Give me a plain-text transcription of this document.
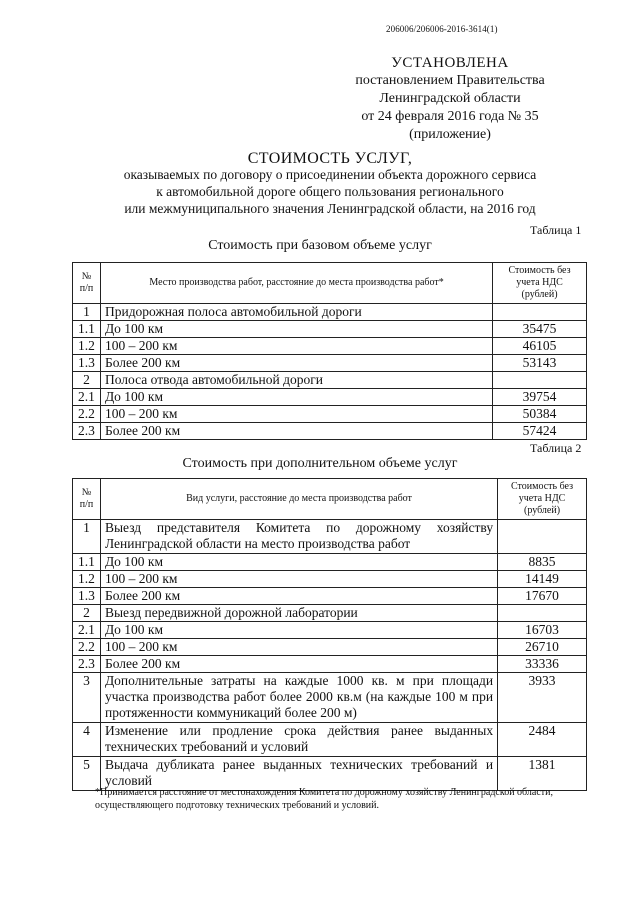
206006/206006-2016-3614(1)
УСТАНОВЛЕНА
постановлением Правительства
Ленинградской области
от 24 февраля 2016 года № 35
(приложение)
СТОИМОСТЬ УСЛУГ,
оказываемых по договору о присоединении объекта дорожного сервиса
к автомобильной дороге общего пользования регионального
или межмуниципального значения Ленинградской области, на 2016 год
Таблица 1
Стоимость при базовом объеме услуг
№ п/п	Место производства работ, расстояние до места производства работ*	Стоимость без учета НДС (рублей)
1	Придорожная полоса автомобильной дороги	
1.1	До 100 км	35475
1.2	100 – 200 км	46105
1.3	Более 200 км	53143
2	Полоса отвода автомобильной дороги	
2.1	До 100 км	39754
2.2	100 – 200 км	50384
2.3	Более 200 км	57424
Таблица 2
Стоимость при дополнительном объеме услуг
№ п/п	Вид услуги, расстояние до места производства работ	Стоимость без учета НДС (рублей)
1	Выезд представителя Комитета по дорожному хозяйству Ленинградской области на место производства работ	
1.1	До 100 км	8835
1.2	100 – 200 км	14149
1.3	Более 200 км	17670
2	Выезд передвижной дорожной лаборатории	
2.1	До 100 км	16703
2.2	100 – 200 км	26710
2.3	Более 200 км	33336
3	Дополнительные затраты на каждые 1000 кв. м при площади участка производства работ более 2000 кв.м (на каждые 100 м при протяженности коммуникаций более 200 м)	3933
4	Изменение или продление срока действия ранее выданных технических требований и условий	2484
5	Выдача дубликата ранее выданных технических требований и условий	1381
*Принимается расстояние от местонахождения Комитета по дорожному хозяйству Ленинградской области, осуществляющего подготовку технических требований и условий.
